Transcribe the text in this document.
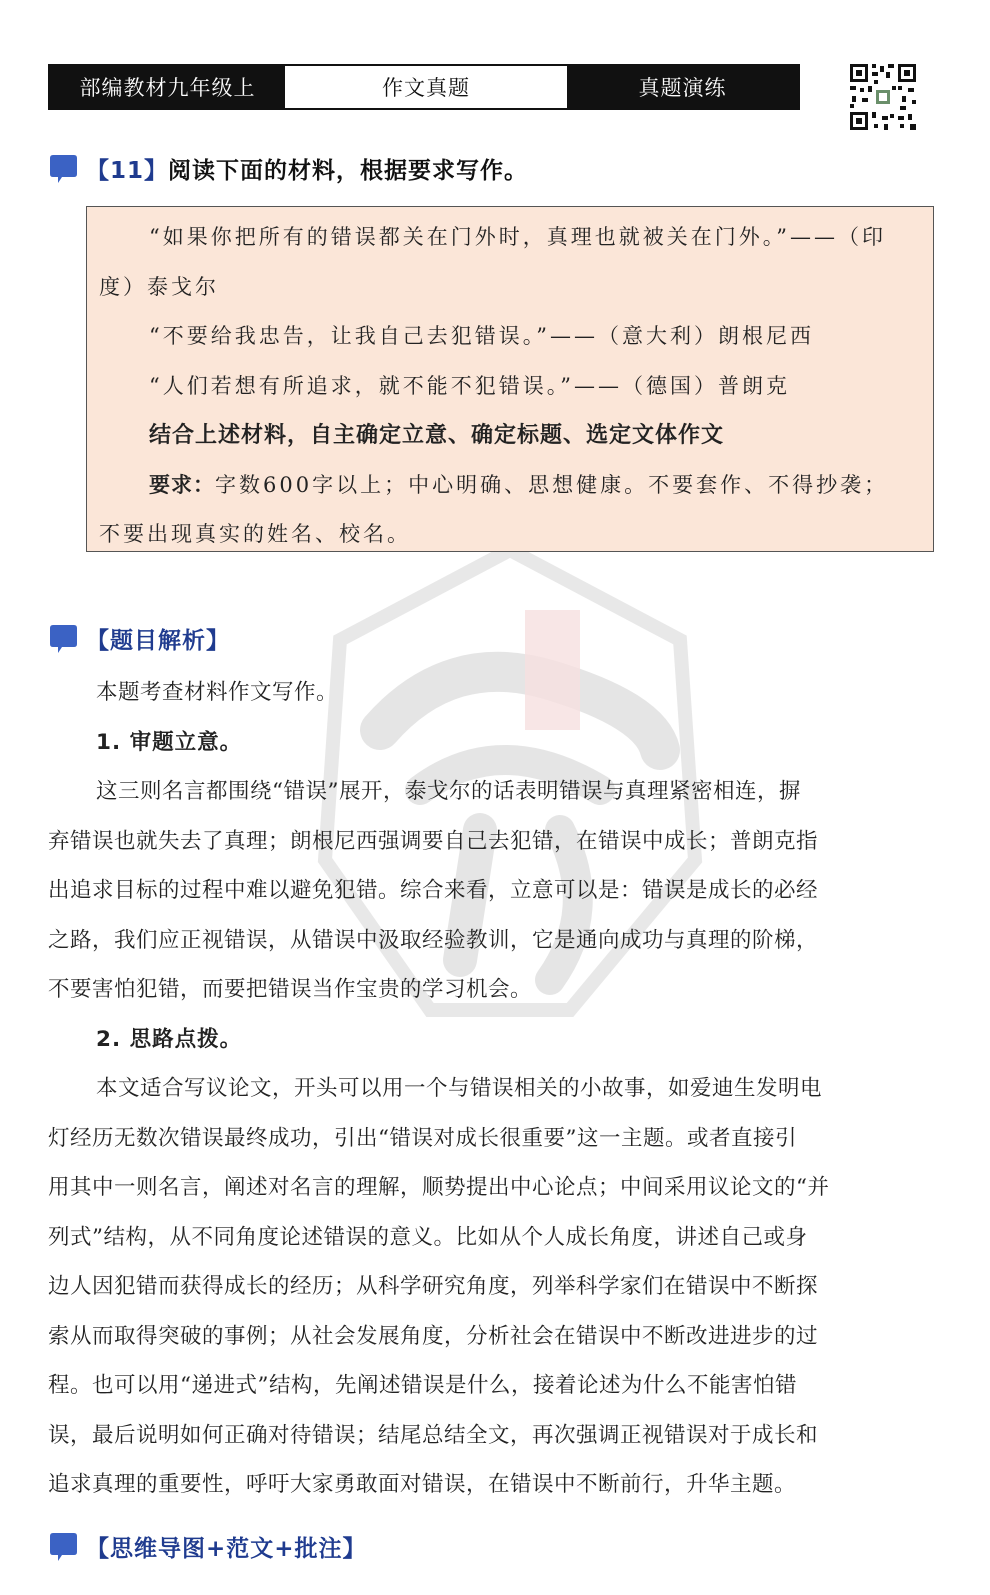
部编教材九年级上	作文真题	真题演练
【11】阅读下面的材料，根据要求写作。
“如果你把所有的错误都关在门外时，真理也就被关在门外。”——（印
度）泰戈尔
“不要给我忠告，让我自己去犯错误。”——（意大利）朗根尼西
“人们若想有所追求，就不能不犯错误。”——（德国）普朗克
结合上述材料，自主确定立意、确定标题、选定文体作文
要求：字数600字以上；中心明确、思想健康。不要套作、不得抄袭；
不要出现真实的姓名、校名。
【题目解析】
本题考查材料作文写作。
1. 审题立意。
这三则名言都围绕“错误”展开，泰戈尔的话表明错误与真理紧密相连，摒
弃错误也就失去了真理；朗根尼西强调要自己去犯错，在错误中成长；普朗克指
出追求目标的过程中难以避免犯错。综合来看，立意可以是：错误是成长的必经
之路，我们应正视错误，从错误中汲取经验教训，它是通向成功与真理的阶梯，
不要害怕犯错，而要把错误当作宝贵的学习机会。
2. 思路点拨。
本文适合写议论文，开头可以用一个与错误相关的小故事，如爱迪生发明电
灯经历无数次错误最终成功，引出“错误对成长很重要”这一主题。或者直接引
用其中一则名言，阐述对名言的理解，顺势提出中心论点；中间采用议论文的“并
列式”结构，从不同角度论述错误的意义。比如从个人成长角度，讲述自己或身
边人因犯错而获得成长的经历；从科学研究角度，列举科学家们在错误中不断探
索从而取得突破的事例；从社会发展角度，分析社会在错误中不断改进进步的过
程。也可以用“递进式”结构，先阐述错误是什么，接着论述为什么不能害怕错
误，最后说明如何正确对待错误；结尾总结全文，再次强调正视错误对于成长和
追求真理的重要性，呼吁大家勇敢面对错误，在错误中不断前行，升华主题。
【思维导图+范文+批注】
